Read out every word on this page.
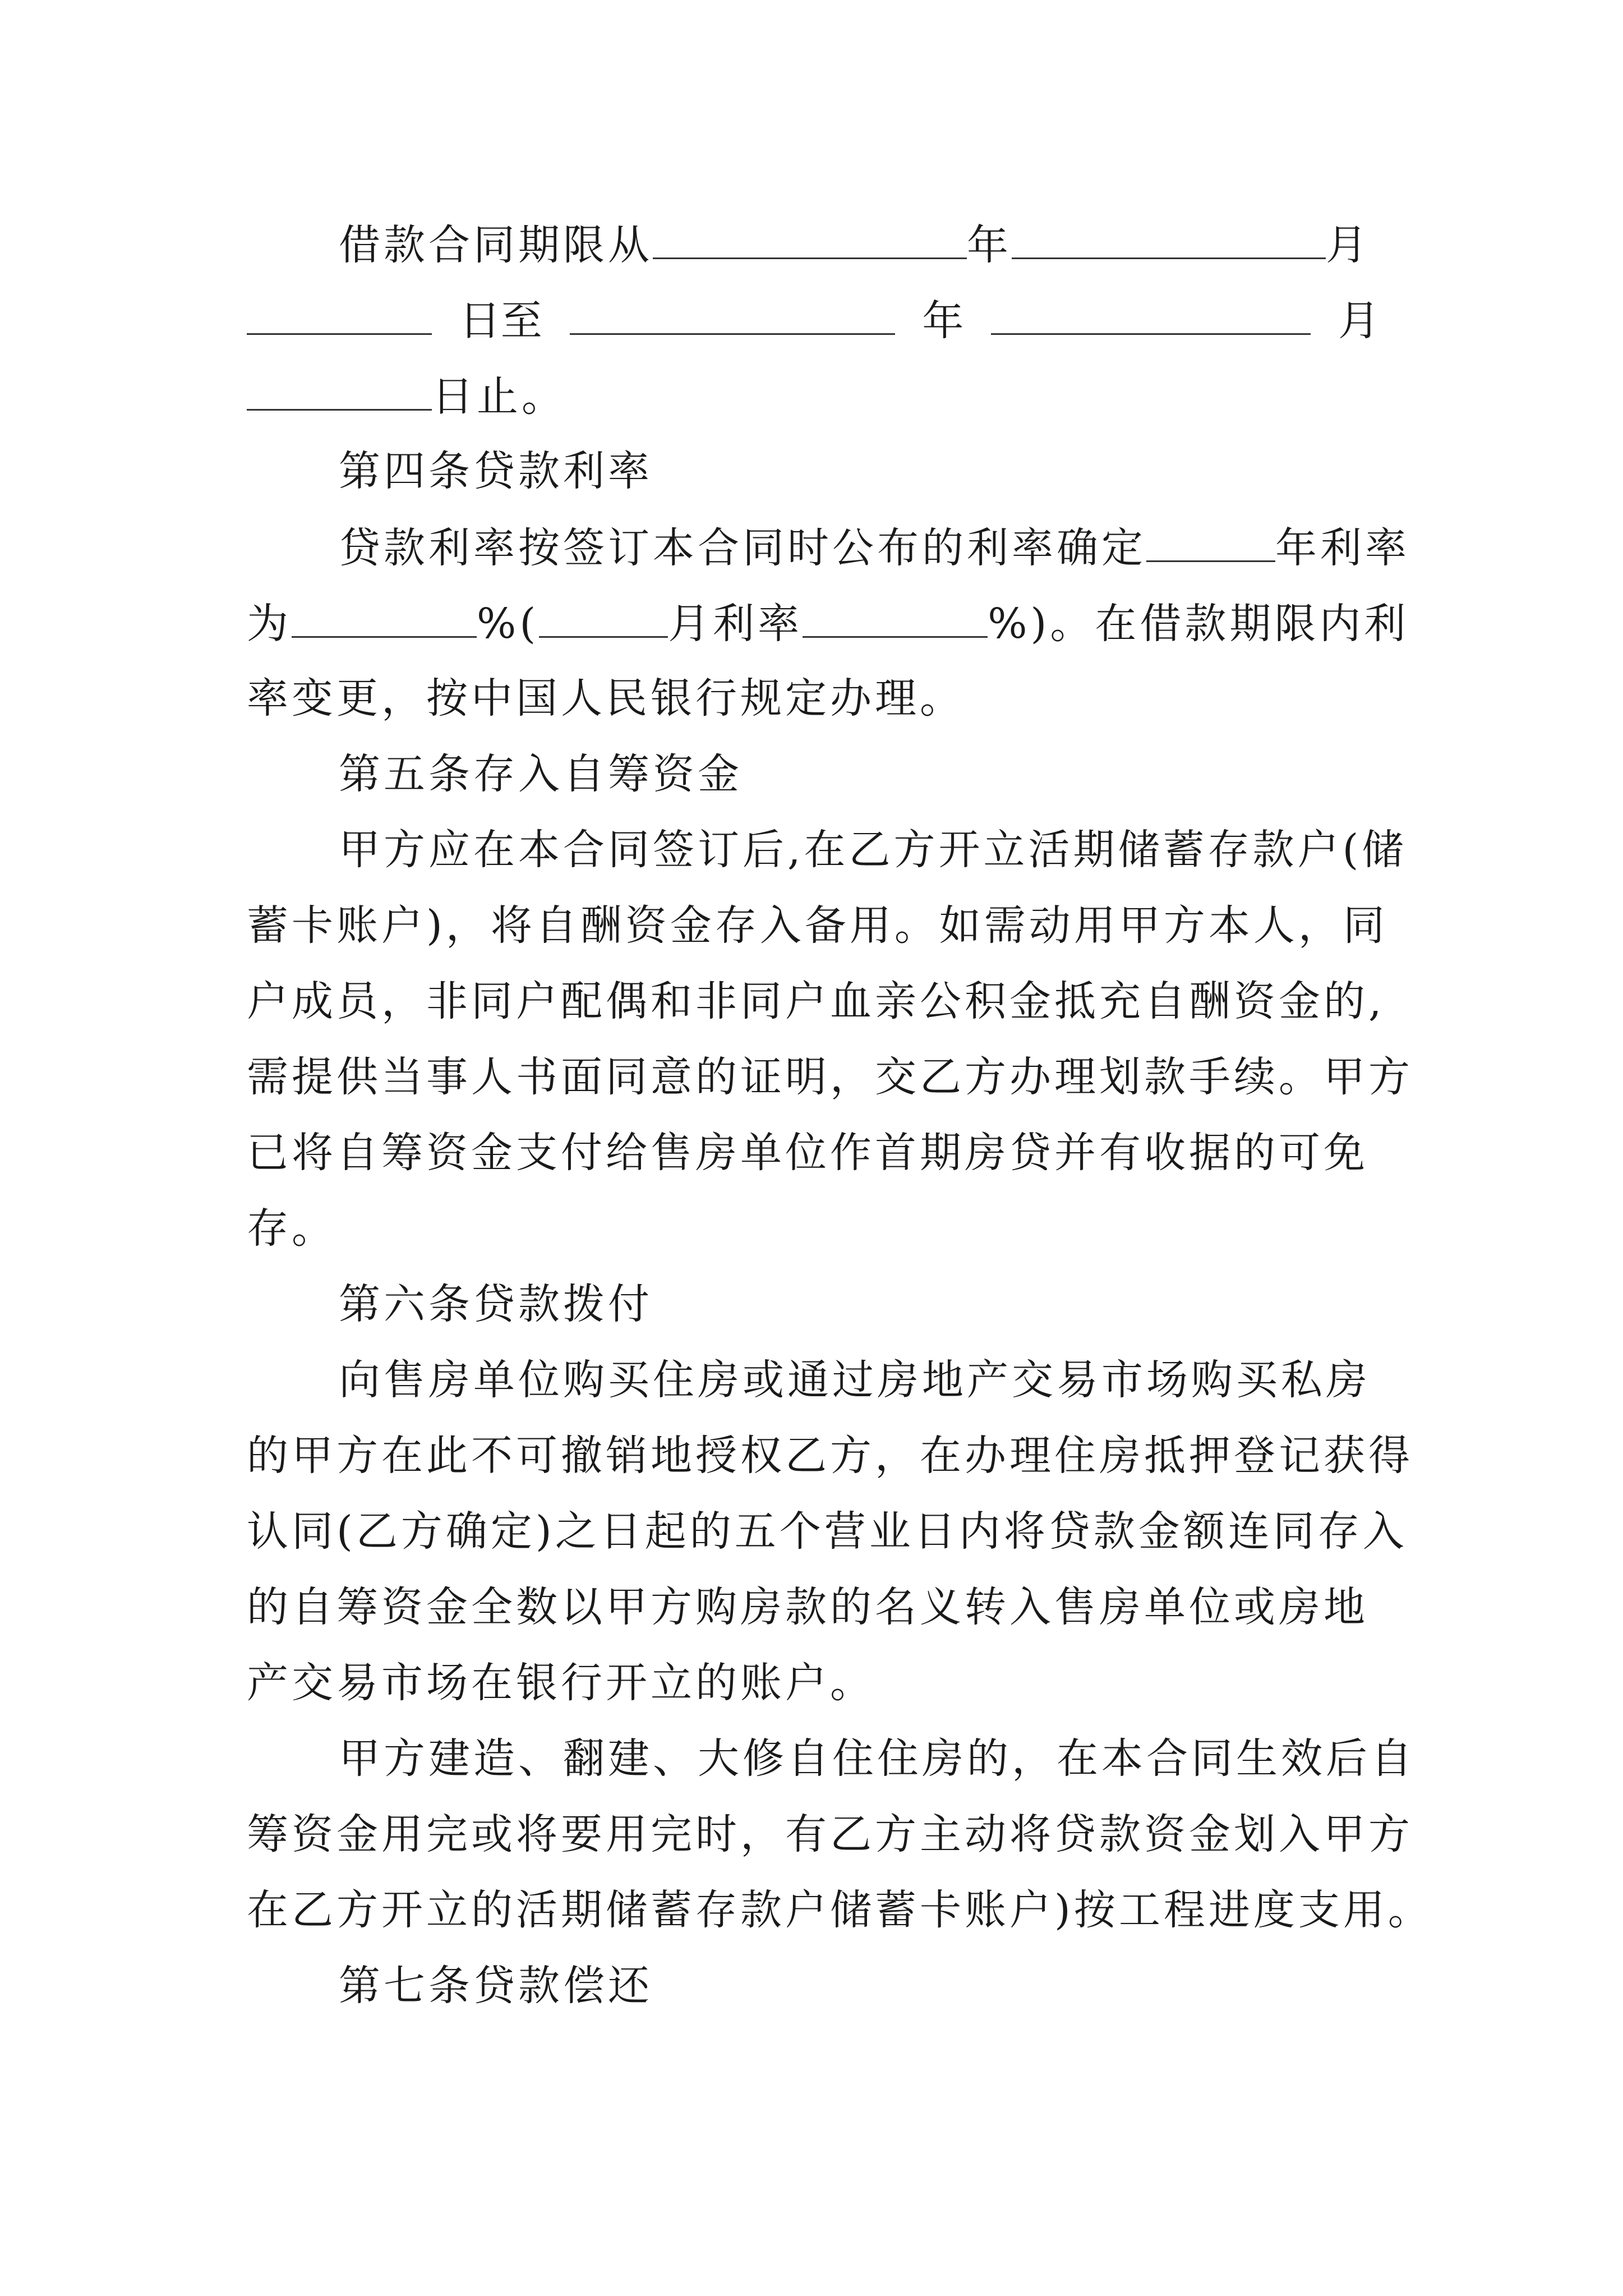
借款合同期限从	年	月
日至	年	月
日止。
第四条贷款利率
贷款利率按签订本合同时公布的利率确定	年利率
为	%(	月利率	%)。在借款期限内利
率变更，按中国人民银行规定办理。
第五条存入自筹资金
甲方应在本合同签订后,在乙方开立活期储蓄存款户(储
蓄卡账户)，将自酬资金存入备用。如需动用甲方本人，同
户成员，非同户配偶和非同户血亲公积金抵充自酬资金的,
需提供当事人书面同意的证明，交乙方办理划款手续。甲方
已将自筹资金支付给售房单位作首期房贷并有收据的可免
存。
第六条贷款拨付
向售房单位购买住房或通过房地产交易市场购买私房
的甲方在此不可撤销地授权乙方，在办理住房抵押登记获得
认同(乙方确定)之日起的五个营业日内将贷款金额连同存入
的自筹资金全数以甲方购房款的名义转入售房单位或房地
产交易市场在银行开立的账户。
甲方建造、翻建、大修自住住房的，在本合同生效后自
筹资金用完或将要用完时，有乙方主动将贷款资金划入甲方
在乙方开立的活期储蓄存款户储蓄卡账户)按工程进度支用。
第七条贷款偿还
